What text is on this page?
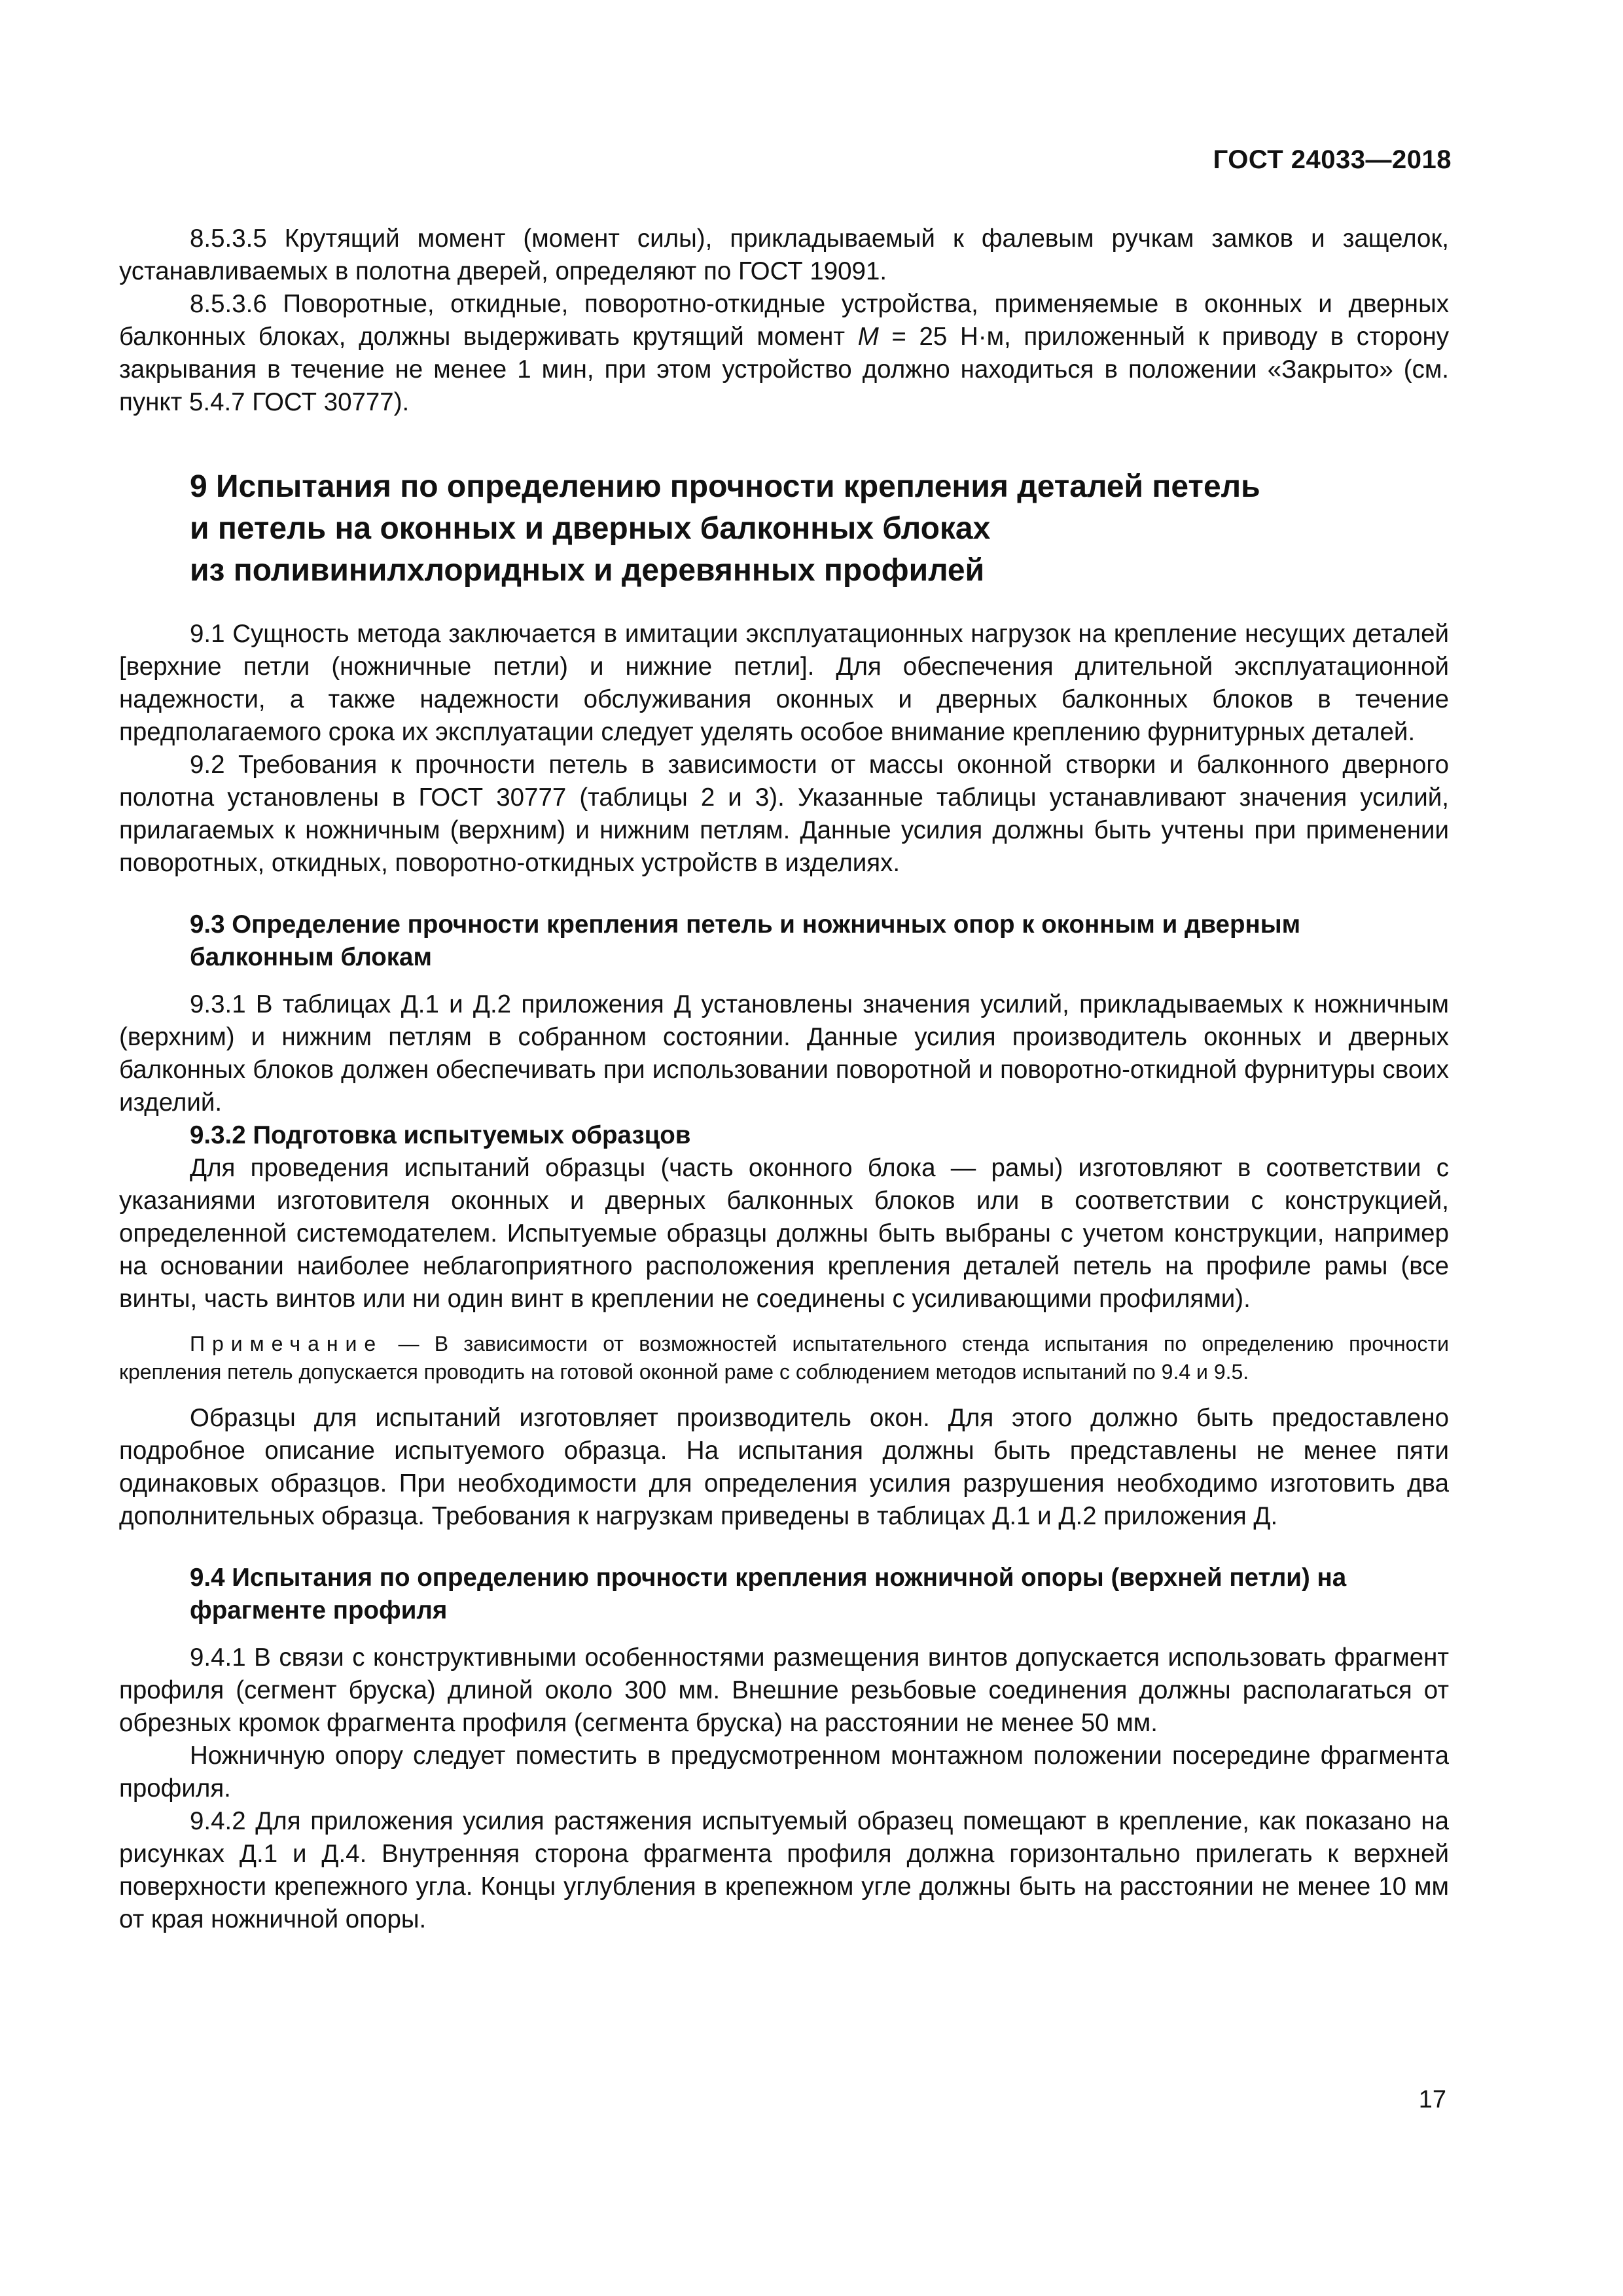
ГОСТ 24033—2018

8.5.3.5 Крутящий момент (момент силы), прикладываемый к фалевым ручкам замков и защелок, устанавливаемых в полотна дверей, определяют по ГОСТ 19091.

8.5.3.6 Поворотные, откидные, поворотно-откидные устройства, применяемые в оконных и дверных балконных блоках, должны выдерживать крутящий момент М = 25 Н·м, приложенный к приводу в сторону закрывания в течение не менее 1 мин, при этом устройство должно находиться в положении «Закрыто» (см. пункт 5.4.7 ГОСТ 30777).

9 Испытания по определению прочности крепления деталей петель
и петель на оконных и дверных балконных блоках
из поливинилхлоридных и деревянных профилей

9.1 Сущность метода заключается в имитации эксплуатационных нагрузок на крепление несущих деталей [верхние петли (ножничные петли) и нижние петли]. Для обеспечения длительной эксплуатационной надежности, а также надежности обслуживания оконных и дверных балконных блоков в течение предполагаемого срока их эксплуатации следует уделять особое внимание креплению фурнитурных деталей.

9.2 Требования к прочности петель в зависимости от массы оконной створки и балконного дверного полотна установлены в ГОСТ 30777 (таблицы 2 и 3). Указанные таблицы устанавливают значения усилий, прилагаемых к ножничным (верхним) и нижним петлям. Данные усилия должны быть учтены при применении поворотных, откидных, поворотно-откидных устройств в изделиях.

9.3 Определение прочности крепления петель и ножничных опор к оконным и дверным балконным блокам

9.3.1 В таблицах Д.1 и Д.2 приложения Д установлены значения усилий, прикладываемых к ножничным (верхним) и нижним петлям в собранном состоянии. Данные усилия производитель оконных и дверных балконных блоков должен обеспечивать при использовании поворотной и поворотно-откидной фурнитуры своих изделий.

9.3.2 Подготовка испытуемых образцов

Для проведения испытаний образцы (часть оконного блока — рамы) изготовляют в соответствии с указаниями изготовителя оконных и дверных балконных блоков или в соответствии с конструкцией, определенной системодателем. Испытуемые образцы должны быть выбраны с учетом конструкции, например на основании наиболее неблагоприятного расположения крепления деталей петель на профиле рамы (все винты, часть винтов или ни один винт в креплении не соединены с усиливающими профилями).

Примечание — В зависимости от возможностей испытательного стенда испытания по определению прочности крепления петель допускается проводить на готовой оконной раме с соблюдением методов испытаний по 9.4 и 9.5.

Образцы для испытаний изготовляет производитель окон. Для этого должно быть предоставлено подробное описание испытуемого образца. На испытания должны быть представлены не менее пяти одинаковых образцов. При необходимости для определения усилия разрушения необходимо изготовить два дополнительных образца. Требования к нагрузкам приведены в таблицах Д.1 и Д.2 приложения Д.

9.4 Испытания по определению прочности крепления ножничной опоры (верхней петли) на фрагменте профиля

9.4.1 В связи с конструктивными особенностями размещения винтов допускается использовать фрагмент профиля (сегмент бруска) длиной около 300 мм. Внешние резьбовые соединения должны располагаться от обрезных кромок фрагмента профиля (сегмента бруска) на расстоянии не менее 50 мм.

Ножничную опору следует поместить в предусмотренном монтажном положении посередине фрагмента профиля.

9.4.2 Для приложения усилия растяжения испытуемый образец помещают в крепление, как показано на рисунках Д.1 и Д.4. Внутренняя сторона фрагмента профиля должна горизонтально прилегать к верхней поверхности крепежного угла. Концы углубления в крепежном угле должны быть на расстоянии не менее 10 мм от края ножничной опоры.

17
